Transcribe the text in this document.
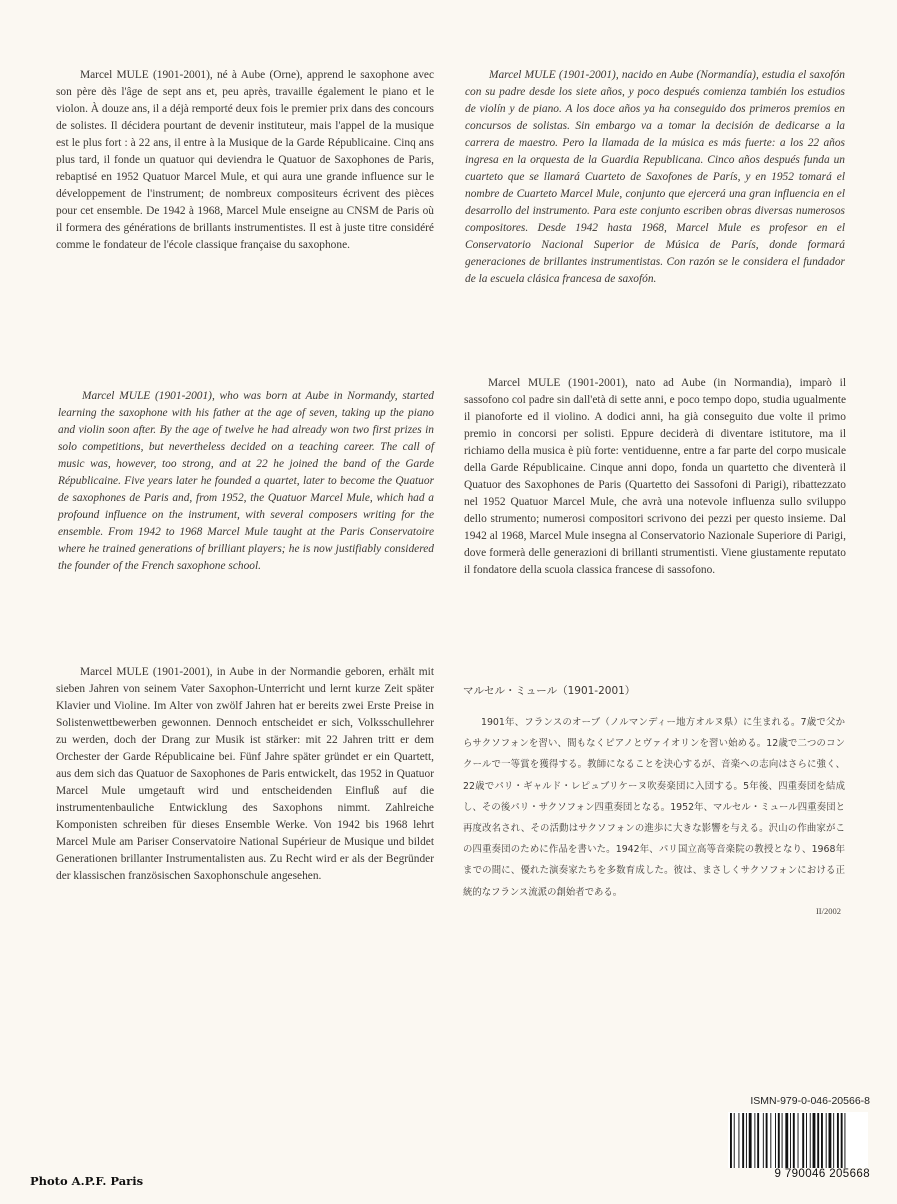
Marcel MULE (1901-2001), né à Aube (Orne), apprend le saxophone avec son père dès l'âge de sept ans et, peu après, travaille également le piano et le violon. À douze ans, il a déjà remporté deux fois le premier prix dans des concours de solistes. Il décidera pourtant de devenir instituteur, mais l'appel de la musique est le plus fort : à 22 ans, il entre à la Musique de la Garde Républicaine. Cinq ans plus tard, il fonde un quatuor qui deviendra le Quatuor de Saxophones de Paris, rebaptisé en 1952 Quatuor Marcel Mule, et qui aura une grande influence sur le développement de l'instrument; de nombreux compositeurs écrivent des pièces pour cet ensemble. De 1942 à 1968, Marcel Mule enseigne au CNSM de Paris où il formera des générations de brillants instrumentistes. Il est à juste titre considéré comme le fondateur de l'école classique française du saxophone.

Marcel MULE (1901-2001), who was born at Aube in Normandy, started learning the saxophone with his father at the age of seven, taking up the piano and violin soon after. By the age of twelve he had already won two first prizes in solo competitions, but nevertheless decided on a teaching career. The call of music was, however, too strong, and at 22 he joined the band of the Garde Républicaine. Five years later he founded a quartet, later to become the Quatuor de saxophones de Paris and, from 1952, the Quatuor Marcel Mule, which had a profound influence on the instrument, with several composers writing for the ensemble. From 1942 to 1968 Marcel Mule taught at the Paris Conservatoire where he trained generations of brilliant players; he is now justifiably considered the founder of the French saxophone school.

Marcel MULE (1901-2001), in Aube in der Normandie geboren, erhält mit sieben Jahren von seinem Vater Saxophon-Unterricht und lernt kurze Zeit später Klavier und Violine. Im Alter von zwölf Jahren hat er bereits zwei Erste Preise in Solistenwettbewerben gewonnen. Dennoch entscheidet er sich, Volksschullehrer zu werden, doch der Drang zur Musik ist stärker: mit 22 Jahren tritt er dem Orchester der Garde Républicaine bei. Fünf Jahre später gründet er ein Quartett, aus dem sich das Quatuor de Saxophones de Paris entwickelt, das 1952 in Quatuor Marcel Mule umgetauft wird und entscheidenden Einfluß auf die instrumentenbauliche Entwicklung des Saxophons nimmt. Zahlreiche Komponisten schreiben für dieses Ensemble Werke. Von 1942 bis 1968 lehrt Marcel Mule am Pariser Conservatoire National Supérieur de Musique und bildet Generationen brillanter Instrumentalisten aus. Zu Recht wird er als der Begründer der klassischen französischen Saxophonschule angesehen.

Marcel MULE (1901-2001), nacido en Aube (Normandía), estudia el saxofón con su padre desde los siete años, y poco después comienza también los estudios de violín y de piano. A los doce años ya ha conseguido dos primeros premios en concursos de solistas. Sin embargo va a tomar la decisión de dedicarse a la carrera de maestro. Pero la llamada de la música es más fuerte: a los 22 años ingresa en la orquesta de la Guardia Republicana. Cinco años después funda un cuarteto que se llamará Cuarteto de Saxofones de París, y en 1952 tomará el nombre de Cuarteto Marcel Mule, conjunto que ejercerá una gran influencia en el desarrollo del instrumento. Para este conjunto escriben obras diversas numerosos compositores. Desde 1942 hasta 1968, Marcel Mule es profesor en el Conservatorio Nacional Superior de Música de París, donde formará generaciones de brillantes instrumentistas. Con razón se le considera el fundador de la escuela clásica francesa de saxofón.

Marcel MULE (1901-2001), nato ad Aube (in Normandia), imparò il sassofono col padre sin dall'età di sette anni, e poco tempo dopo, studia ugualmente il pianoforte ed il violino. A dodici anni, ha già conseguito due volte il primo premio in concorsi per solisti. Eppure deciderà di diventare istitutore, ma il richiamo della musica è più forte: ventiduenne, entre a far parte del corpo musicale della Garde Républicaine. Cinque anni dopo, fonda un quartetto che diventerà il Quatuor des Saxophones de Paris (Quartetto dei Sassofoni di Parigi), ribattezzato nel 1952 Quatuor Marcel Mule, che avrà una notevole influenza sullo sviluppo dello strumento; numerosi compositori scrivono dei pezzi per questo insieme. Dal 1942 al 1968, Marcel Mule insegna al Conservatorio Nazionale Superiore di Parigi, dove formerà delle generazioni di brillanti strumentisti. Viene giustamente reputato il fondatore della scuola classica francese di sassofono.

マルセル・ミュール（1901-2001）

1901年、フランスのオーブ（ノルマンディー地方オルヌ県）に生まれる。7歳で父からサクソフォンを習い、間もなくピアノとヴァイオリンを習い始める。12歳で二つのコンクールで一等賞を獲得する。教師になることを決心するが、音楽への志向はさらに強く、22歳でパリ・ギャルド・レピュブリケーヌ吹奏楽団に入団する。5年後、四重奏団を結成し、その後パリ・サクソフォン四重奏団となる。1952年、マルセル・ミュール四重奏団と再度改名され、その活動はサクソフォンの進歩に大きな影響を与える。沢山の作曲家がこの四重奏団のために作品を書いた。1942年、パリ国立高等音楽院の教授となり、1968年までの間に、優れた演奏家たちを多数育成した。彼は、まさしくサクソフォンにおける正統的なフランス流派の創始者である。

II/2002
Photo A.P.F. Paris
ISMN-979-0-046-20566-8
9 790046 205668
